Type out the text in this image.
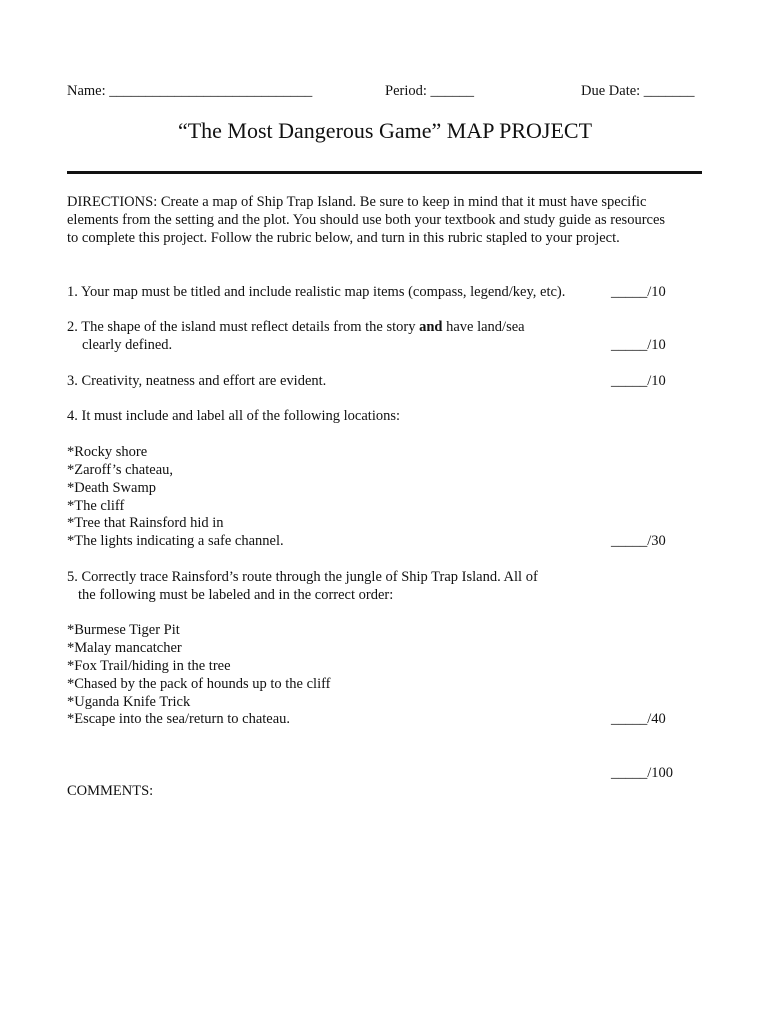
Name: ____________________________	Period: ______	Due Date: _______
“The Most Dangerous Game” MAP PROJECT
DIRECTIONS: Create a map of Ship Trap Island. Be sure to keep in mind that it must have specific
elements from the setting and the plot. You should use both your textbook and study guide as resources
to complete this project. Follow the rubric below, and turn in this rubric stapled to your project.
1. Your map must be titled and include realistic map items (compass, legend/key, etc).	_____/10
2. The shape of the island must reflect details from the story and have land/sea
clearly defined.	_____/10
3. Creativity, neatness and effort are evident.	_____/10
4. It must include and label all of the following locations:
*Rocky shore
*Zaroff’s chateau,
*Death Swamp
*The cliff
*Tree that Rainsford hid in
*The lights indicating a safe channel.	_____/30
5. Correctly trace Rainsford’s route through the jungle of Ship Trap Island. All of
the following must be labeled and in the correct order:
*Burmese Tiger Pit
*Malay mancatcher
*Fox Trail/hiding in the tree
*Chased by the pack of hounds up to the cliff
*Uganda Knife Trick
*Escape into the sea/return to chateau.	_____/40
_____/100
COMMENTS:
